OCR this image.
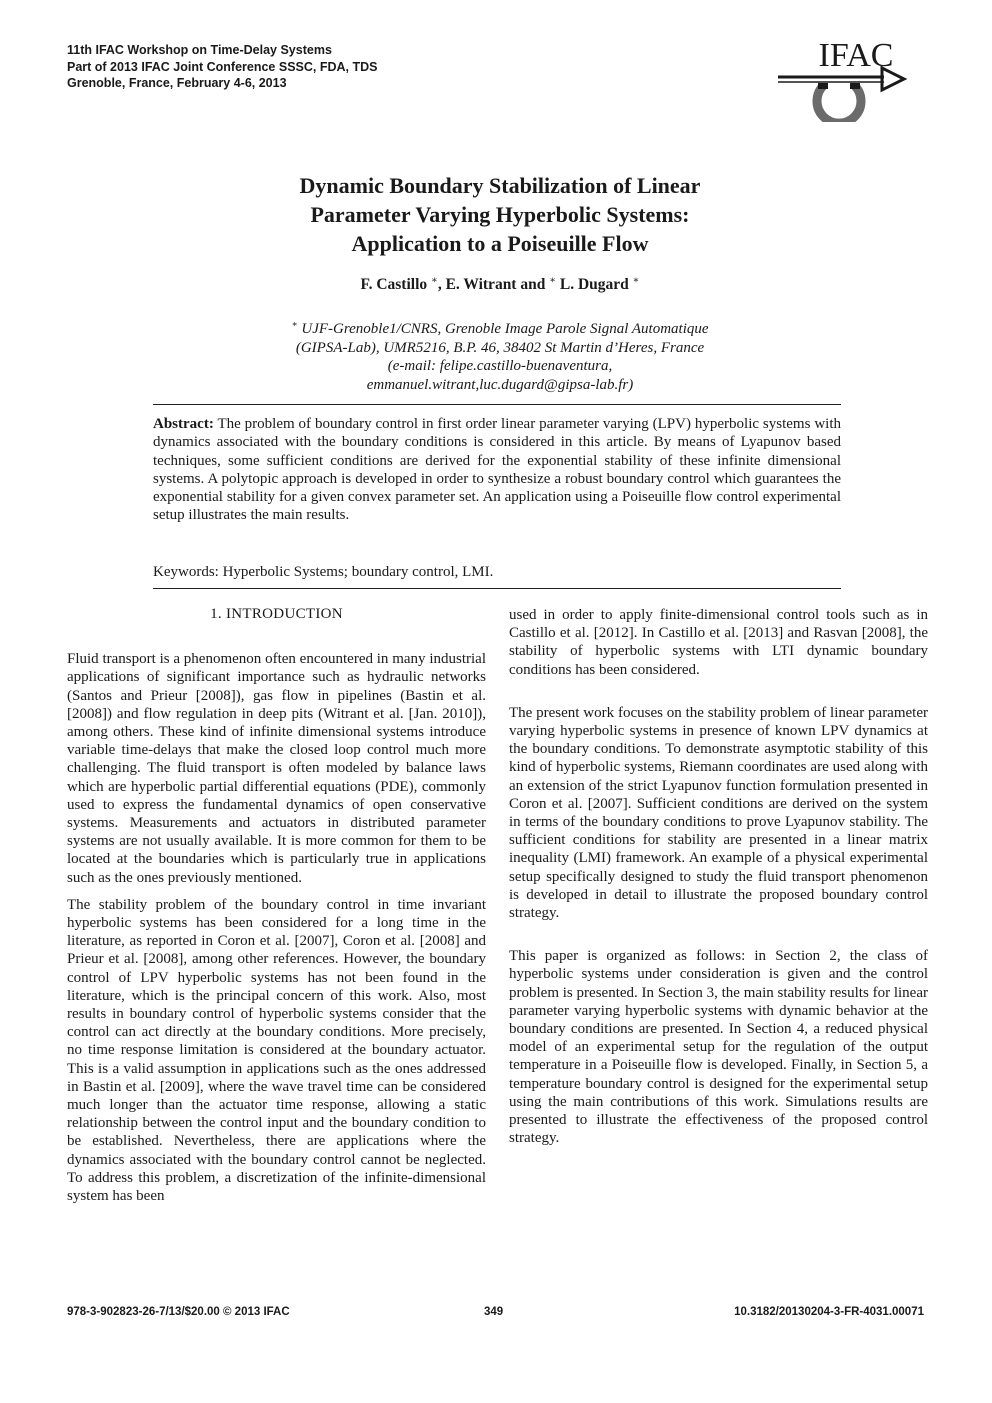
11th IFAC Workshop on Time-Delay Systems
Part of 2013 IFAC Joint Conference SSSC, FDA, TDS
Grenoble, France, February 4-6, 2013
IFAC
Dynamic Boundary Stabilization of Linear
Parameter Varying Hyperbolic Systems:
Application to a Poiseuille Flow
F. Castillo ∗, E. Witrant and ∗ L. Dugard ∗
∗ UJF-Grenoble1/CNRS, Grenoble Image Parole Signal Automatique
(GIPSA-Lab), UMR5216, B.P. 46, 38402 St Martin d’Heres, France
(e-mail: felipe.castillo-buenaventura,
emmanuel.witrant,luc.dugard@gipsa-lab.fr)
Abstract: The problem of boundary control in first order linear parameter varying (LPV) hyperbolic systems with dynamics associated with the boundary conditions is considered in this article. By means of Lyapunov based techniques, some sufficient conditions are derived for the exponential stability of these infinite dimensional systems. A polytopic approach is developed in order to synthesize a robust boundary control which guarantees the exponential stability for a given convex parameter set. An application using a Poiseuille flow control experimental setup illustrates the main results.
Keywords: Hyperbolic Systems; boundary control, LMI.
1. INTRODUCTION

Fluid transport is a phenomenon often encountered in many industrial applications of significant importance such as hydraulic networks (Santos and Prieur [2008]), gas flow in pipelines (Bastin et al. [2008]) and flow regulation in deep pits (Witrant et al. [Jan. 2010]), among others. These kind of infinite dimensional systems introduce variable time-delays that make the closed loop control much more challenging. The fluid transport is often modeled by balance laws which are hyperbolic partial differential equations (PDE), commonly used to express the fundamental dynamics of open conservative systems. Measurements and actuators in distributed parameter systems are not usually available. It is more common for them to be located at the boundaries which is particularly true in applications such as the ones previously mentioned.

The stability problem of the boundary control in time invariant hyperbolic systems has been considered for a long time in the literature, as reported in Coron et al. [2007], Coron et al. [2008] and Prieur et al. [2008], among other references. However, the boundary control of LPV hyperbolic systems has not been found in the literature, which is the principal concern of this work. Also, most results in boundary control of hyperbolic systems consider that the control can act directly at the boundary conditions. More precisely, no time response limitation is considered at the boundary actuator. This is a valid assumption in applications such as the ones addressed in Bastin et al. [2009], where the wave travel time can be considered much longer than the actuator time response, allowing a static relationship between the control input and the boundary condition to be established. Nevertheless, there are applications where the dynamics associated with the boundary control cannot be neglected. To address this problem, a discretization of the infinite-dimensional system has been

used in order to apply finite-dimensional control tools such as in Castillo et al. [2012]. In Castillo et al. [2013] and Rasvan [2008], the stability of hyperbolic systems with LTI dynamic boundary conditions has been considered.

The present work focuses on the stability problem of linear parameter varying hyperbolic systems in presence of known LPV dynamics at the boundary conditions. To demonstrate asymptotic stability of this kind of hyperbolic systems, Riemann coordinates are used along with an extension of the strict Lyapunov function formulation presented in Coron et al. [2007]. Sufficient conditions are derived on the system in terms of the boundary conditions to prove Lyapunov stability. The sufficient conditions for stability are presented in a linear matrix inequality (LMI) framework. An example of a physical experimental setup specifically designed to study the fluid transport phenomenon is developed in detail to illustrate the proposed boundary control strategy.

This paper is organized as follows: in Section 2, the class of hyperbolic systems under consideration is given and the control problem is presented. In Section 3, the main stability results for linear parameter varying hyperbolic systems with dynamic behavior at the boundary conditions are presented. In Section 4, a reduced physical model of an experimental setup for the regulation of the output temperature in a Poiseuille flow is developed. Finally, in Section 5, a temperature boundary control is designed for the experimental setup using the main contributions of this work. Simulations results are presented to illustrate the effectiveness of the proposed control strategy.

978-3-902823-26-7/13/$20.00 © 2013 IFAC	349	10.3182/20130204-3-FR-4031.00071
